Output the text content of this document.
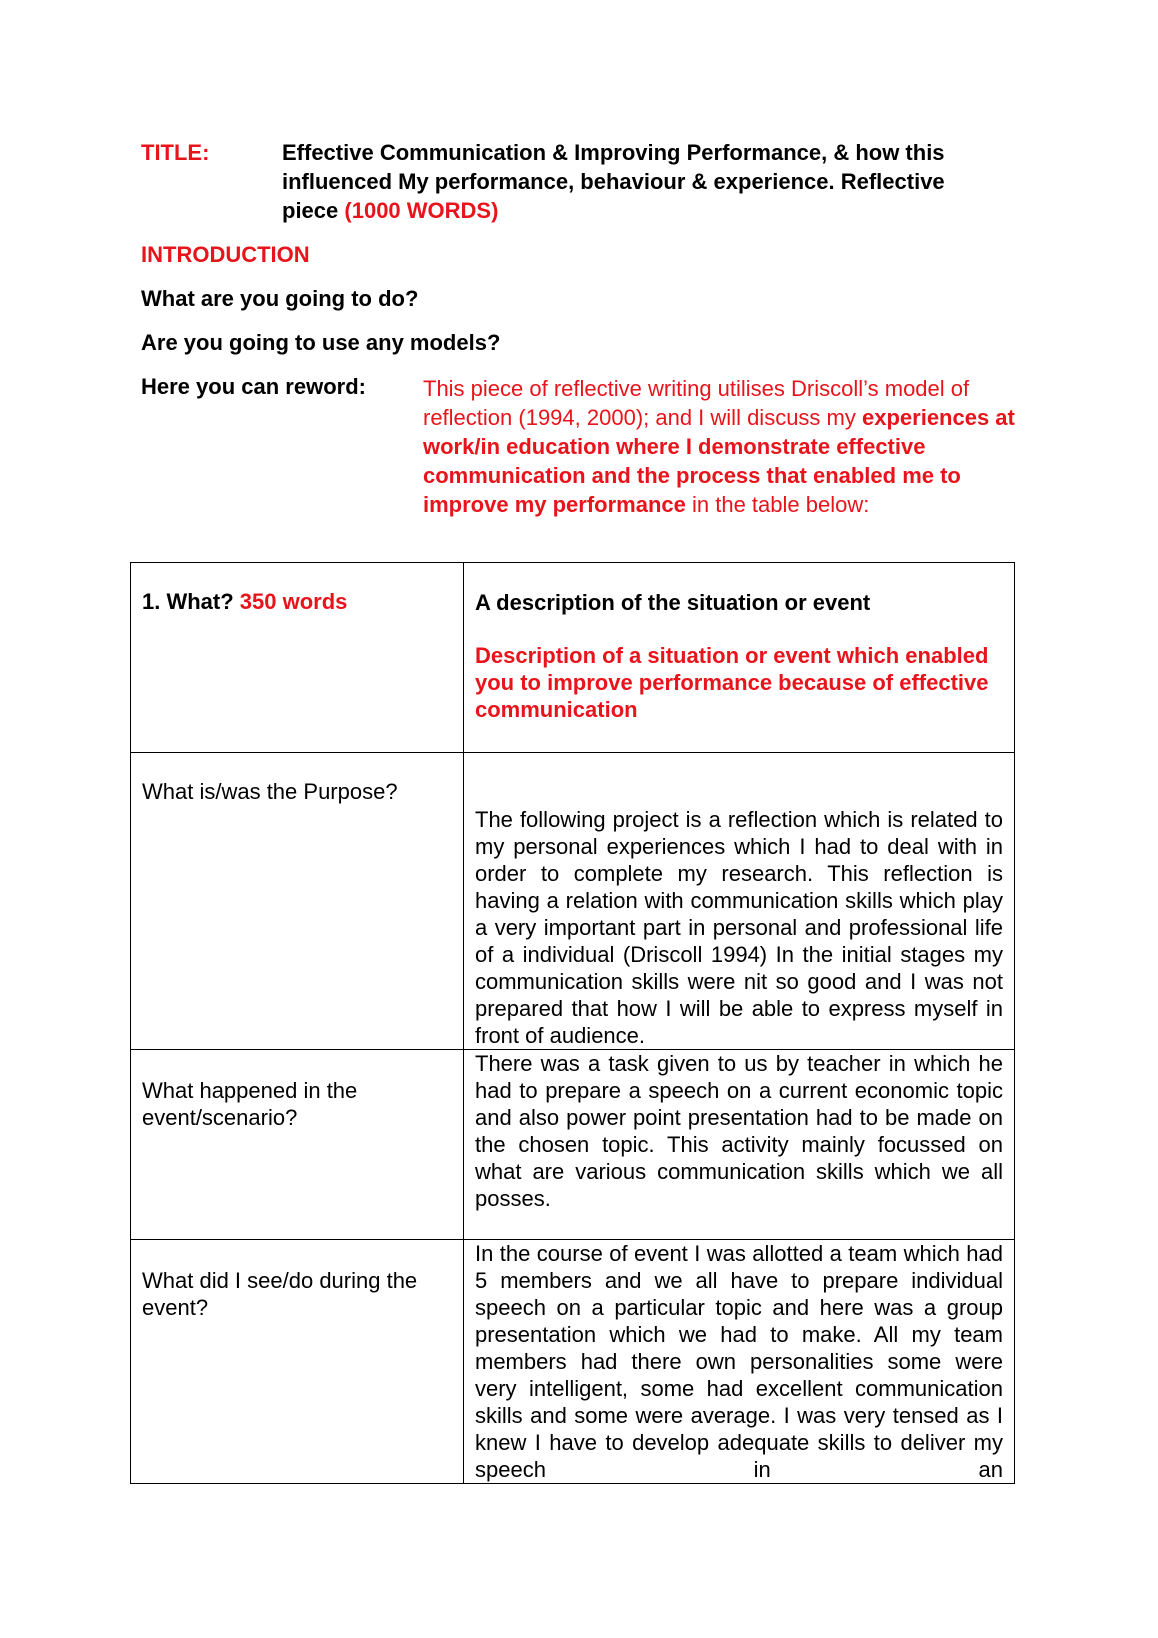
TITLE:	Effective Communication & Improving Performance, & how this influenced My performance, behaviour & experience. Reflective piece (1000 WORDS)
INTRODUCTION
What are you going to do?
Are you going to use any models?
Here you can reword:	This piece of reflective writing utilises Driscoll’s model of reflection (1994, 2000); and I will discuss my experiences at work/in education where I demonstrate effective communication and the process that enabled me to improve my performance in the table below:
1. What? 350 words	A description of the situation or event
Description of a situation or event which enabled you to improve performance because of effective communication

What is/was the Purpose?	The following project is a reflection which is related to my personal experiences which I had to deal with in order to complete my research. This reflection is having a relation with communication skills which play a very important part in personal and professional life of a individual (Driscoll 1994) In the initial stages my communication skills were nit so good and I was not prepared that how I will be able to express myself in front of audience.

What happened in the event/scenario?	There was a task given to us by teacher in which he had to prepare a speech on a current economic topic and also power point presentation had to be made on the chosen topic. This activity mainly focussed on what are various communication skills which we all posses.

What did I see/do during the event?	In the course of event I was allotted a team which had 5 members and we all have to prepare individual speech on a particular topic and here was a group presentation which we had to make. All my team members had there own personalities some were very intelligent, some had excellent communication skills and some were average. I was very tensed as I knew I have to develop adequate skills to deliver my speech in an
